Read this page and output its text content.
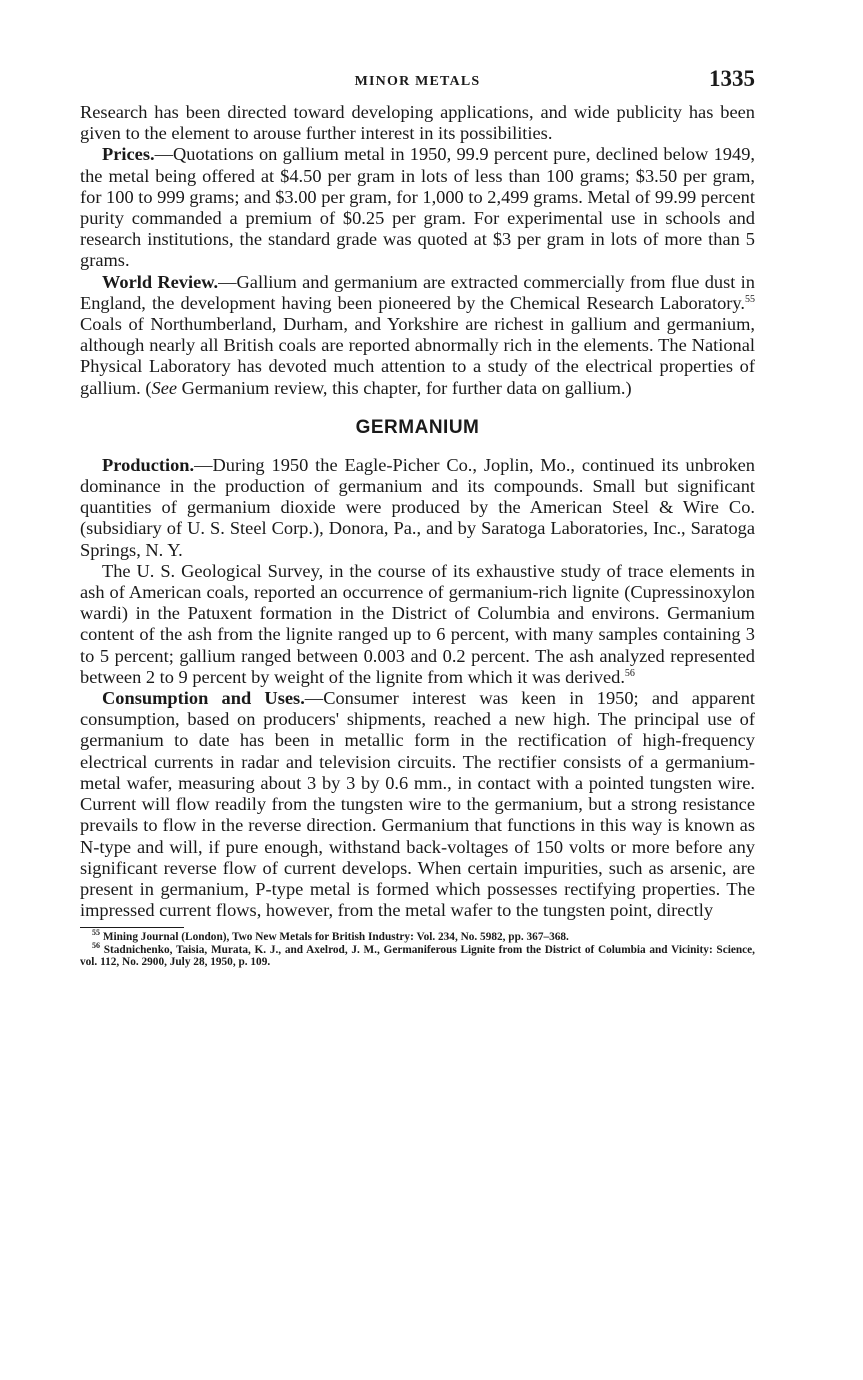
MINOR METALS	1335

Research has been directed toward developing applications, and wide publicity has been given to the element to arouse further interest in its possibilities.

Prices.—Quotations on gallium metal in 1950, 99.9 percent pure, declined below 1949, the metal being offered at $4.50 per gram in lots of less than 100 grams; $3.50 per gram, for 100 to 999 grams; and $3.00 per gram, for 1,000 to 2,499 grams. Metal of 99.99 percent purity commanded a premium of $0.25 per gram. For experimental use in schools and research institutions, the standard grade was quoted at $3 per gram in lots of more than 5 grams.

World Review.—Gallium and germanium are extracted commercially from flue dust in England, the development having been pioneered by the Chemical Research Laboratory.$^{55}$ Coals of Northumberland, Durham, and Yorkshire are richest in gallium and germanium, although nearly all British coals are reported abnormally rich in the elements. The National Physical Laboratory has devoted much attention to a study of the electrical properties of gallium. (See Germanium review, this chapter, for further data on gallium.)

GERMANIUM

Production.—During 1950 the Eagle-Picher Co., Joplin, Mo., continued its unbroken dominance in the production of germanium and its compounds. Small but significant quantities of germanium dioxide were produced by the American Steel & Wire Co. (subsidiary of U. S. Steel Corp.), Donora, Pa., and by Saratoga Laboratories, Inc., Saratoga Springs, N. Y.

The U. S. Geological Survey, in the course of its exhaustive study of trace elements in ash of American coals, reported an occurrence of germanium-rich lignite (Cupressinoxylon wardi) in the Patuxent formation in the District of Columbia and environs. Germanium content of the ash from the lignite ranged up to 6 percent, with many samples containing 3 to 5 percent; gallium ranged between 0.003 and 0.2 percent. The ash analyzed represented between 2 to 9 percent by weight of the lignite from which it was derived.$^{56}$

Consumption and Uses.—Consumer interest was keen in 1950; and apparent consumption, based on producers' shipments, reached a new high. The principal use of germanium to date has been in metallic form in the rectification of high-frequency electrical currents in radar and television circuits. The rectifier consists of a germanium-metal wafer, measuring about 3 by 3 by 0.6 mm., in contact with a pointed tungsten wire. Current will flow readily from the tungsten wire to the germanium, but a strong resistance prevails to flow in the reverse direction. Germanium that functions in this way is known as N-type and will, if pure enough, withstand back-voltages of 150 volts or more before any significant reverse flow of current develops. When certain impurities, such as arsenic, are present in germanium, P-type metal is formed which possesses rectifying properties. The impressed current flows, however, from the metal wafer to the tungsten point, directly

$^{55}$ Mining Journal (London), Two New Metals for British Industry: Vol. 234, No. 5982, pp. 367–368.

$^{56}$ Stadnichenko, Taisia, Murata, K. J., and Axelrod, J. M., Germaniferous Lignite from the District of Columbia and Vicinity: Science, vol. 112, No. 2900, July 28, 1950, p. 109.
